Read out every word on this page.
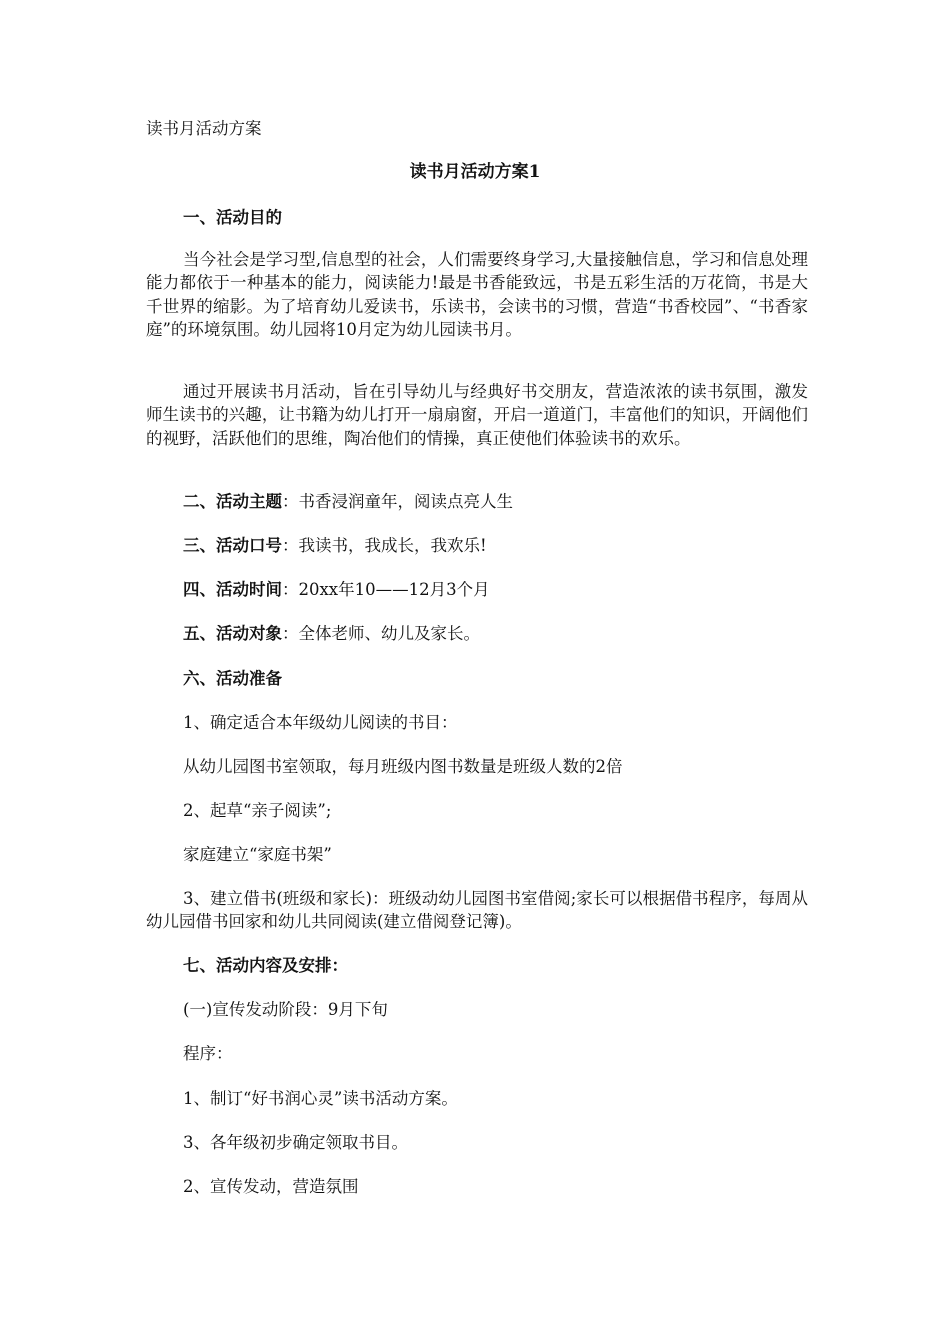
读书月活动方案
读书月活动方案1
一、活动目的
当今社会是学习型,信息型的社会，人们需要终身学习,大量接触信息，学习和信息处理能力都依于一种基本的能力，阅读能力!最是书香能致远，书是五彩生活的万花筒，书是大千世界的缩影。为了培育幼儿爱读书，乐读书，会读书的习惯，营造“书香校园”、“书香家庭”的环境氛围。幼儿园将10月定为幼儿园读书月。
通过开展读书月活动，旨在引导幼儿与经典好书交朋友，营造浓浓的读书氛围，激发师生读书的兴趣，让书籍为幼儿打开一扇扇窗，开启一道道门，丰富他们的知识，开阔他们的视野，活跃他们的思维，陶冶他们的情操，真正使他们体验读书的欢乐。
二、活动主题：书香浸润童年，阅读点亮人生
三、活动口号：我读书，我成长，我欢乐!
四、活动时间：20xx年10——12月3个月
五、活动对象：全体老师、幼儿及家长。
六、活动准备
1、确定适合本年级幼儿阅读的书目：
从幼儿园图书室领取，每月班级内图书数量是班级人数的2倍
2、起草“亲子阅读”;
家庭建立“家庭书架”
3、建立借书(班级和家长)：班级动幼儿园图书室借阅;家长可以根据借书程序，每周从幼儿园借书回家和幼儿共同阅读(建立借阅登记簿)。
七、活动内容及安排：
(一)宣传发动阶段：9月下旬
程序：
1、制订“好书润心灵”读书活动方案。
3、各年级初步确定领取书目。
2、宣传发动，营造氛围
